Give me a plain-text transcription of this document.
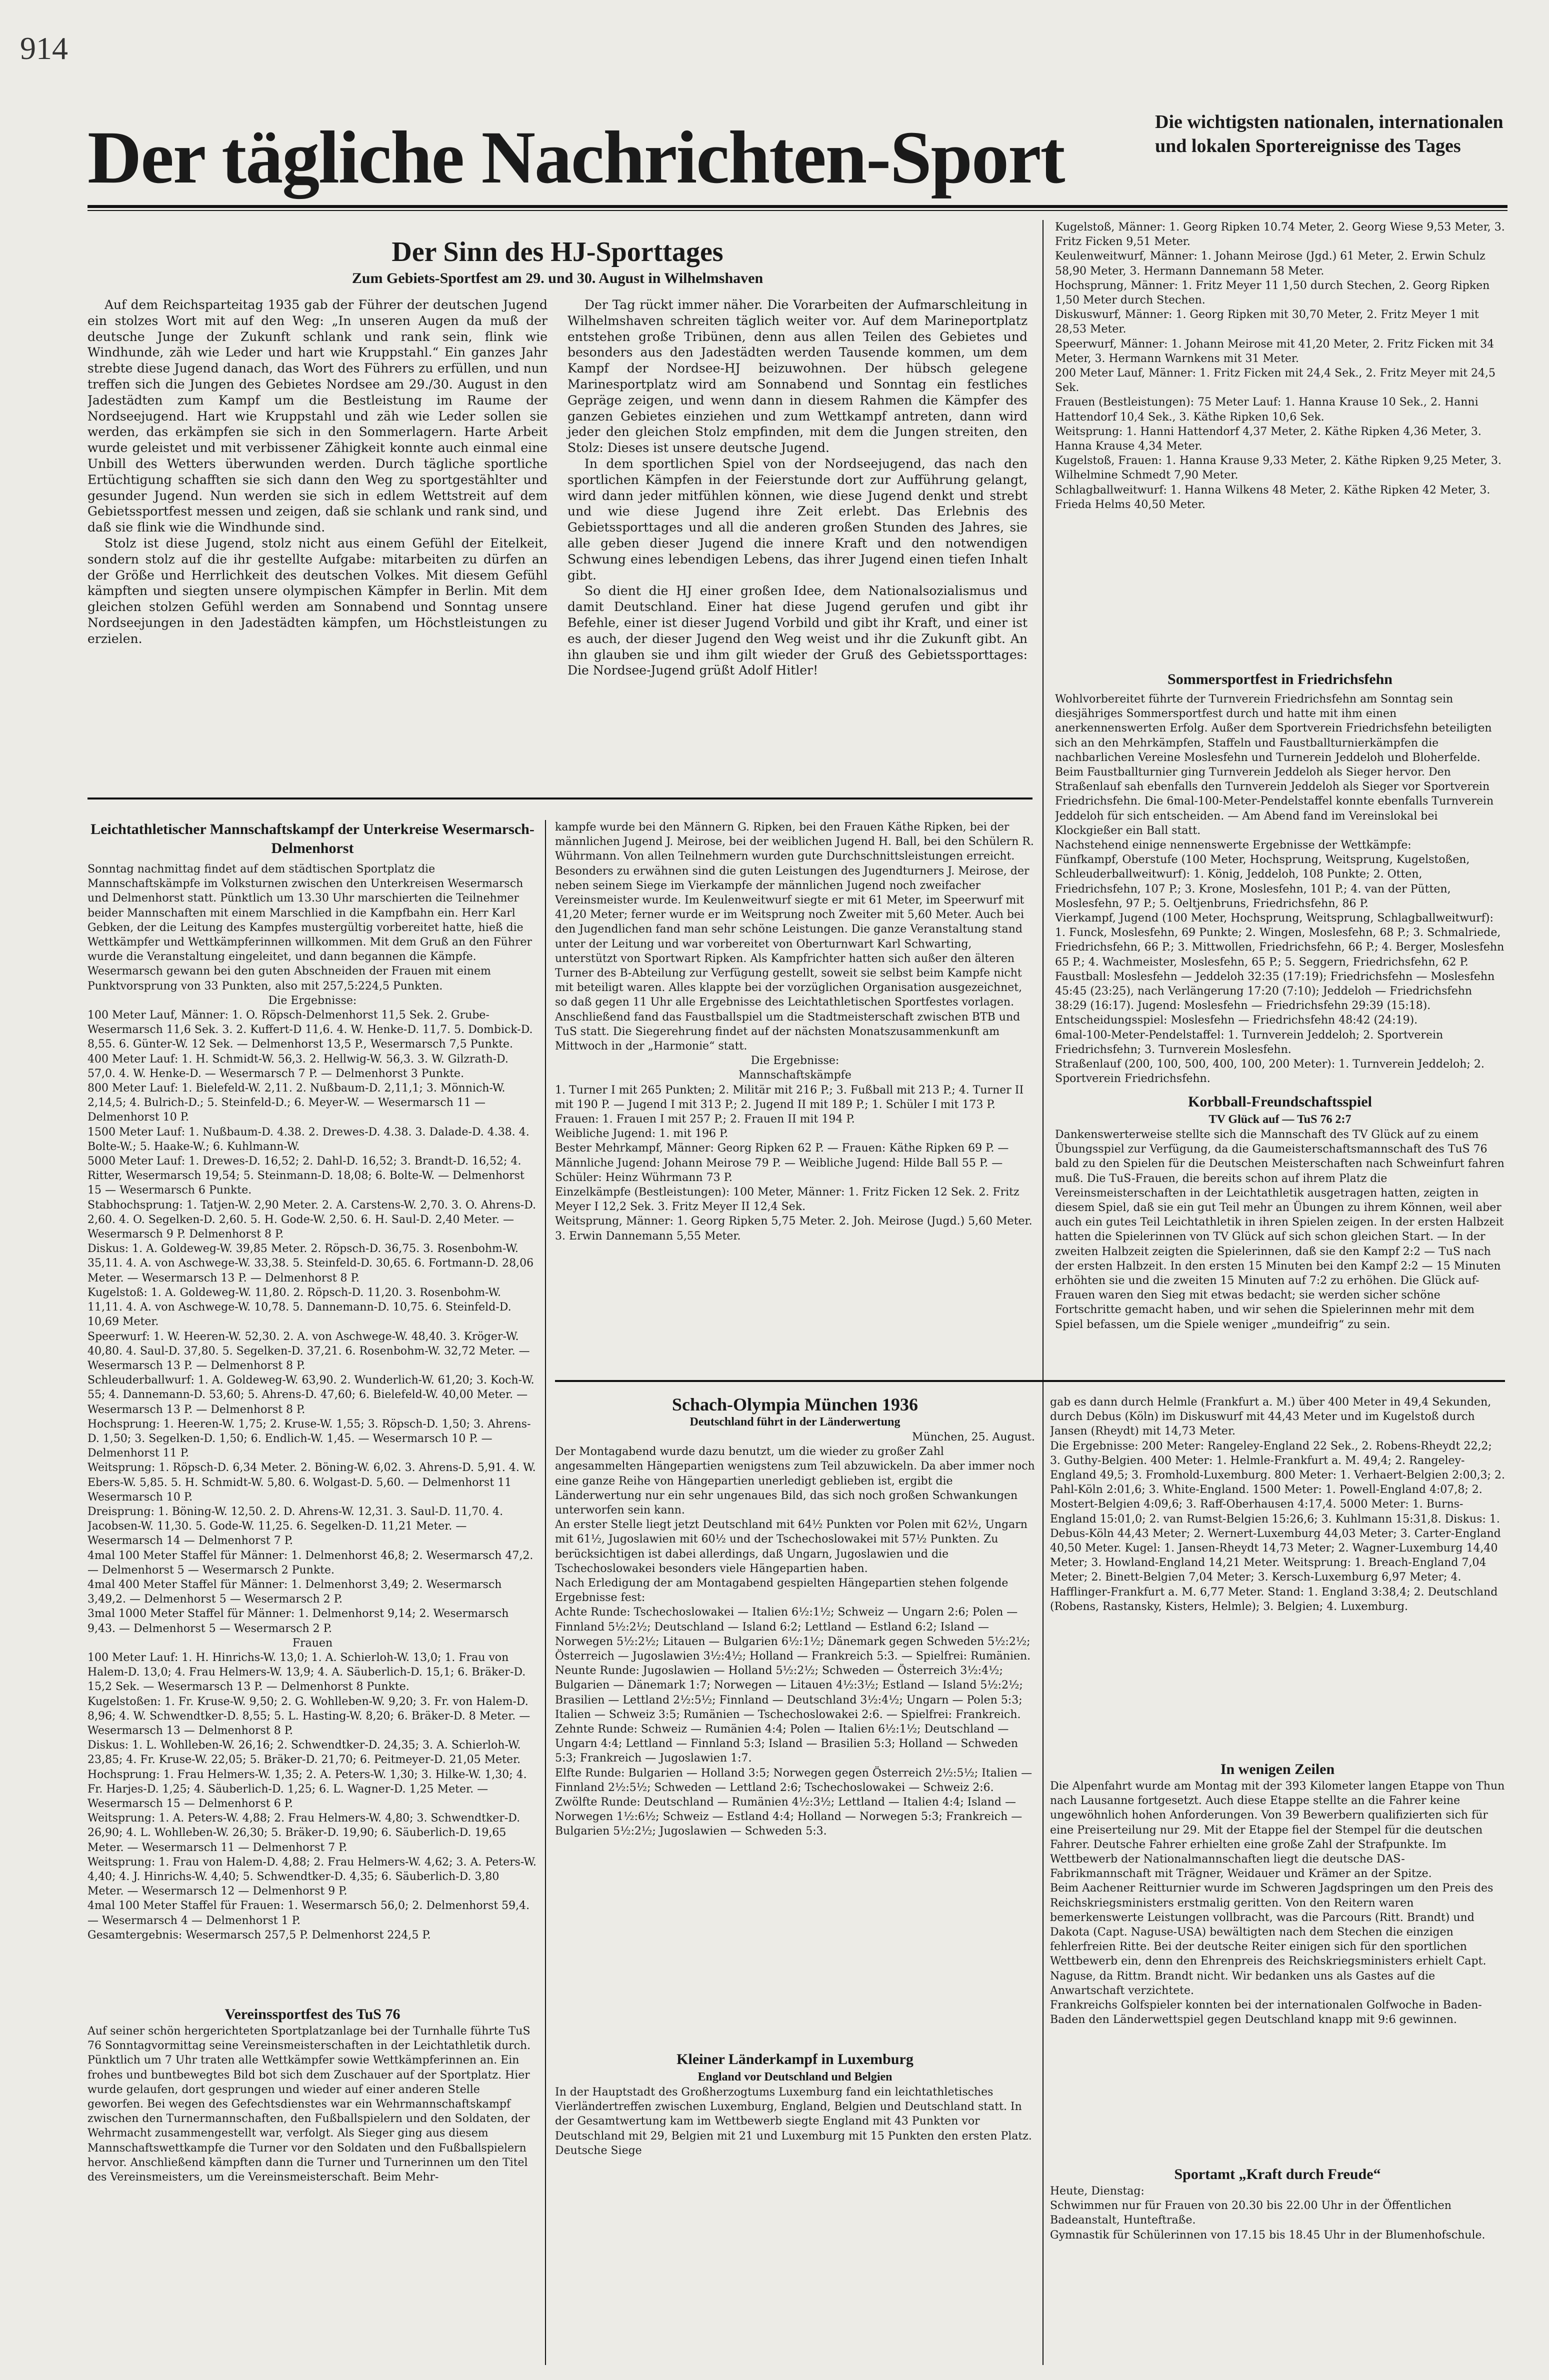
914
Der tägliche Nachrichten-Sport	Die wichtigsten nationalen, internationalen und lokalen Sportereignisse des Tages
Der Sinn des HJ-Sporttages
Zum Gebiets-Sportfest am 29. und 30. August in Wilhelmshaven

Auf dem Reichsparteitag 1935 gab der Führer der deutschen Jugend ein stolzes Wort mit auf den Weg: „In unseren Augen da muß der deutsche Junge der Zukunft schlank und rank sein, flink wie Windhunde, zäh wie Leder und hart wie Kruppstahl.“ Ein ganzes Jahr strebte diese Jugend danach, das Wort des Führers zu erfüllen, und nun treffen sich die Jungen des Gebietes Nordsee am 29./30. August in den Jadestädten zum Kampf um die Bestleistung im Raume der Nordseejugend. Hart wie Kruppstahl und zäh wie Leder sollen sie werden, das erkämpfen sie sich in den Sommerlagern. Harte Arbeit wurde geleistet und mit verbissener Zähigkeit konnte auch einmal eine Unbill des Wetters überwunden werden. Durch tägliche sportliche Ertüchtigung schafften sie sich dann den Weg zu sportgestählter und gesunder Jugend. Nun werden sie sich in edlem Wettstreit auf dem Gebietssportfest messen und zeigen, daß sie schlank und rank sind, und daß sie flink wie die Windhunde sind.

Stolz ist diese Jugend, stolz nicht aus einem Gefühl der Eitelkeit, sondern stolz auf die ihr gestellte Aufgabe: mitarbeiten zu dürfen an der Größe und Herrlichkeit des deutschen Volkes. Mit diesem Gefühl kämpften und siegten unsere olympischen Kämpfer in Berlin. Mit dem gleichen stolzen Gefühl werden am Sonnabend und Sonntag unsere Nordseejungen in den Jadestädten kämpfen, um Höchstleistungen zu erzielen.

Der Tag rückt immer näher. Die Vorarbeiten der Aufmarschleitung in Wilhelmshaven schreiten täglich weiter vor. Auf dem Marineportplatz entstehen große Tribünen, denn aus allen Teilen des Gebietes und besonders aus den Jadestädten werden Tausende kommen, um dem Kampf der Nordsee-HJ beizuwohnen. Der hübsch gelegene Marinesportplatz wird am Sonnabend und Sonntag ein festliches Gepräge zeigen, und wenn dann in diesem Rahmen die Kämpfer des ganzen Gebietes einziehen und zum Wettkampf antreten, dann wird jeder den gleichen Stolz empfinden, mit dem die Jungen streiten, den Stolz: Dieses ist unsere deutsche Jugend.

In dem sportlichen Spiel von der Nordseejugend, das nach den sportlichen Kämpfen in der Feierstunde dort zur Aufführung gelangt, wird dann jeder mitfühlen können, wie diese Jugend denkt und strebt und wie diese Jugend ihre Zeit erlebt. Das Erlebnis des Gebietssporttages und all die anderen großen Stunden des Jahres, sie alle geben dieser Jugend die innere Kraft und den notwendigen Schwung eines lebendigen Lebens, das ihrer Jugend einen tiefen Inhalt gibt.

So dient die HJ einer großen Idee, dem Nationalsozialismus und damit Deutschland. Einer hat diese Jugend gerufen und gibt ihr Befehle, einer ist dieser Jugend Vorbild und gibt ihr Kraft, und einer ist es auch, der dieser Jugend den Weg weist und ihr die Zukunft gibt. An ihn glauben sie und ihm gilt wieder der Gruß des Gebietssporttages: Die Nordsee-Jugend grüßt Adolf Hitler!

Kugelstoß, Männer: 1. Georg Ripken 10.74 Meter, 2. Georg Wiese 9,53 Meter, 3. Fritz Ficken 9,51 Meter.

Keulenweitwurf, Männer: 1. Johann Meirose (Jgd.) 61 Meter, 2. Erwin Schulz 58,90 Meter, 3. Hermann Dannemann 58 Meter.

Hochsprung, Männer: 1. Fritz Meyer 11 1,50 durch Stechen, 2. Georg Ripken 1,50 Meter durch Stechen.

Diskuswurf, Männer: 1. Georg Ripken mit 30,70 Meter, 2. Fritz Meyer 1 mit 28,53 Meter.

Speerwurf, Männer: 1. Johann Meirose mit 41,20 Meter, 2. Fritz Ficken mit 34 Meter, 3. Hermann Warnkens mit 31 Meter.

200 Meter Lauf, Männer: 1. Fritz Ficken mit 24,4 Sek., 2. Fritz Meyer mit 24,5 Sek.

Frauen (Bestleistungen): 75 Meter Lauf: 1. Hanna Krause 10 Sek., 2. Hanni Hattendorf 10,4 Sek., 3. Käthe Ripken 10,6 Sek.

Weitsprung: 1. Hanni Hattendorf 4,37 Meter, 2. Käthe Ripken 4,36 Meter, 3. Hanna Krause 4,34 Meter.

Kugelstoß, Frauen: 1. Hanna Krause 9,33 Meter, 2. Käthe Ripken 9,25 Meter, 3. Wilhelmine Schmedt 7,90 Meter.

Schlagballweitwurf: 1. Hanna Wilkens 48 Meter, 2. Käthe Ripken 42 Meter, 3. Frieda Helms 40,50 Meter.

Sommersportfest in Friedrichsfehn

Wohlvorbereitet führte der Turnverein Friedrichsfehn am Sonntag sein diesjähriges Sommersportfest durch und hatte mit ihm einen anerkennenswerten Erfolg. Außer dem Sportverein Friedrichsfehn beteiligten sich an den Mehrkämpfen, Staffeln und Faustballturnierkämpfen die nachbarlichen Vereine Moslesfehn und Turnerein Jeddeloh und Bloherfelde. Beim Faustballturnier ging Turnverein Jeddeloh als Sieger hervor. Den Straßenlauf sah ebenfalls den Turnverein Jeddeloh als Sieger vor Sportverein Friedrichsfehn. Die 6mal-100-Meter-Pendelstaffel konnte ebenfalls Turnverein Jeddeloh für sich entscheiden. — Am Abend fand im Vereinslokal bei Klockgießer ein Ball statt.

Nachstehend einige nennenswerte Ergebnisse der Wettkämpfe:

Fünfkampf, Oberstufe (100 Meter, Hochsprung, Weitsprung, Kugelstoßen, Schleuderballweitwurf): 1. König, Jeddeloh, 108 Punkte; 2. Otten, Friedrichsfehn, 107 P.; 3. Krone, Moslesfehn, 101 P.; 4. van der Pütten, Moslesfehn, 97 P.; 5. Oeltjenbruns, Friedrichsfehn, 86 P.

Vierkampf, Jugend (100 Meter, Hochsprung, Weitsprung, Schlagballweitwurf): 1. Funck, Moslesfehn, 69 Punkte; 2. Wingen, Moslesfehn, 68 P.; 3. Schmalriede, Friedrichsfehn, 66 P.; 3. Mittwollen, Friedrichsfehn, 66 P.; 4. Berger, Moslesfehn 65 P.; 4. Wachmeister, Moslesfehn, 65 P.; 5. Seggern, Friedrichsfehn, 62 P.

Faustball: Moslesfehn — Jeddeloh 32:35 (17:19); Friedrichsfehn — Moslesfehn 45:45 (23:25), nach Verlängerung 17:20 (7:10); Jeddeloh — Friedrichsfehn 38:29 (16:17). Jugend: Moslesfehn — Friedrichsfehn 29:39 (15:18). Entscheidungsspiel: Moslesfehn — Friedrichsfehn 48:42 (24:19).

6mal-100-Meter-Pendelstaffel: 1. Turnverein Jeddeloh; 2. Sportverein Friedrichsfehn; 3. Turnverein Moslesfehn.

Straßenlauf (200, 100, 500, 400, 100, 200 Meter): 1. Turnverein Jeddeloh; 2. Sportverein Friedrichsfehn.

Korbball-Freundschaftsspiel
TV Glück auf — TuS 76 2:7

Dankenswerterweise stellte sich die Mannschaft des TV Glück auf zu einem Übungsspiel zur Verfügung, da die Gaumeisterschaftsmannschaft des TuS 76 bald zu den Spielen für die Deutschen Meisterschaften nach Schweinfurt fahren muß. Die TuS-Frauen, die bereits schon auf ihrem Platz die Vereinsmeisterschaften in der Leichtathletik ausgetragen hatten, zeigten in diesem Spiel, daß sie ein gut Teil mehr an Übungen zu ihrem Können, weil aber auch ein gutes Teil Leichtathletik in ihren Spielen zeigen. In der ersten Halbzeit hatten die Spielerinnen von TV Glück auf sich schon gleichen Start. — In der zweiten Halbzeit zeigten die Spielerinnen, daß sie den Kampf 2:2 — TuS nach der ersten Halbzeit. In den ersten 15 Minuten bei den Kampf 2:2 — 15 Minuten erhöhten sie und die zweiten 15 Minuten auf 7:2 zu erhöhen. Die Glück auf-Frauen waren den Sieg mit etwas bedacht; sie werden sicher schöne Fortschritte gemacht haben, und wir sehen die Spielerinnen mehr mit dem Spiel befassen, um die Spiele weniger „mundeifrig“ zu sein.

Leichtathletischer Mannschaftskampf der Unterkreise Wesermarsch-Delmenhorst

Sonntag nachmittag findet auf dem städtischen Sportplatz die Mannschaftskämpfe im Volksturnen zwischen den Unterkreisen Wesermarsch und Delmenhorst statt. Pünktlich um 13.30 Uhr marschierten die Teilnehmer beider Mannschaften mit einem Marschlied in die Kampfbahn ein. Herr Karl Gebken, der die Leitung des Kampfes mustergültig vorbereitet hatte, hieß die Wettkämpfer und Wettkämpferinnen willkommen. Mit dem Gruß an den Führer wurde die Veranstaltung eingeleitet, und dann begannen die Kämpfe.

Wesermarsch gewann bei den guten Abschneiden der Frauen mit einem Punktvorsprung von 33 Punkten, also mit 257,5:224,5 Punkten.

Die Ergebnisse:

100 Meter Lauf, Männer: 1. O. Röpsch-Delmenhorst 11,5 Sek. 2. Grube-Wesermarsch 11,6 Sek. 3. 2. Kuffert-D 11,6. 4. W. Henke-D. 11,7. 5. Dombick-D. 8,55. 6. Günter-W. 12 Sek. — Delmenhorst 13,5 P., Wesermarsch 7,5 Punkte.

400 Meter Lauf: 1. H. Schmidt-W. 56,3. 2. Hellwig-W. 56,3. 3. W. Gilzrath-D. 57,0. 4. W. Henke-D. — Wesermarsch 7 P. — Delmenhorst 3 Punkte.

800 Meter Lauf: 1. Bielefeld-W. 2,11. 2. Nußbaum-D. 2,11,1; 3. Mönnich-W. 2,14,5; 4. Bulrich-D.; 5. Steinfeld-D.; 6. Meyer-W. — Wesermarsch 11 — Delmenhorst 10 P.

1500 Meter Lauf: 1. Nußbaum-D. 4.38. 2. Drewes-D. 4.38. 3. Dalade-D. 4.38. 4. Bolte-W.; 5. Haake-W.; 6. Kuhlmann-W.

5000 Meter Lauf: 1. Drewes-D. 16,52; 2. Dahl-D. 16,52; 3. Brandt-D. 16,52; 4. Ritter, Wesermarsch 19,54; 5. Steinmann-D. 18,08; 6. Bolte-W. — Delmenhorst 15 — Wesermarsch 6 Punkte.

Stabhochsprung: 1. Tatjen-W. 2,90 Meter. 2. A. Carstens-W. 2,70. 3. O. Ahrens-D. 2,60. 4. O. Segelken-D. 2,60. 5. H. Gode-W. 2,50. 6. H. Saul-D. 2,40 Meter. — Wesermarsch 9 P. Delmenhorst 8 P.

Diskus: 1. A. Goldeweg-W. 39,85 Meter. 2. Röpsch-D. 36,75. 3. Rosenbohm-W. 35,11. 4. A. von Aschwege-W. 33,38. 5. Steinfeld-D. 30,65. 6. Fortmann-D. 28,06 Meter. — Wesermarsch 13 P. — Delmenhorst 8 P.

Kugelstoß: 1. A. Goldeweg-W. 11,80. 2. Röpsch-D. 11,20. 3. Rosenbohm-W. 11,11. 4. A. von Aschwege-W. 10,78. 5. Dannemann-D. 10,75. 6. Steinfeld-D. 10,69 Meter.

Speerwurf: 1. W. Heeren-W. 52,30. 2. A. von Aschwege-W. 48,40. 3. Kröger-W. 40,80. 4. Saul-D. 37,80. 5. Segelken-D. 37,21. 6. Rosenbohm-W. 32,72 Meter. — Wesermarsch 13 P. — Delmenhorst 8 P.

Schleuderballwurf: 1. A. Goldeweg-W. 63,90. 2. Wunderlich-W. 61,20; 3. Koch-W. 55; 4. Dannemann-D. 53,60; 5. Ahrens-D. 47,60; 6. Bielefeld-W. 40,00 Meter. — Wesermarsch 13 P. — Delmenhorst 8 P.

Hochsprung: 1. Heeren-W. 1,75; 2. Kruse-W. 1,55; 3. Röpsch-D. 1,50; 3. Ahrens-D. 1,50; 3. Segelken-D. 1,50; 6. Endlich-W. 1,45. — Wesermarsch 10 P. — Delmenhorst 11 P.

Weitsprung: 1. Röpsch-D. 6,34 Meter. 2. Böning-W. 6,02. 3. Ahrens-D. 5,91. 4. W. Ebers-W. 5,85. 5. H. Schmidt-W. 5,80. 6. Wolgast-D. 5,60. — Delmenhorst 11 Wesermarsch 10 P.

Dreisprung: 1. Böning-W. 12,50. 2. D. Ahrens-W. 12,31. 3. Saul-D. 11,70. 4. Jacobsen-W. 11,30. 5. Gode-W. 11,25. 6. Segelken-D. 11,21 Meter. — Wesermarsch 14 — Delmenhorst 7 P.

4mal 100 Meter Staffel für Männer: 1. Delmenhorst 46,8; 2. Wesermarsch 47,2. — Delmenhorst 5 — Wesermarsch 2 Punkte.

4mal 400 Meter Staffel für Männer: 1. Delmenhorst 3,49; 2. Wesermarsch 3,49,2. — Delmenhorst 5 — Wesermarsch 2 P.

3mal 1000 Meter Staffel für Männer: 1. Delmenhorst 9,14; 2. Wesermarsch 9,43. — Delmenhorst 5 — Wesermarsch 2 P.

Frauen

100 Meter Lauf: 1. H. Hinrichs-W. 13,0; 1. A. Schierloh-W. 13,0; 1. Frau von Halem-D. 13,0; 4. Frau Helmers-W. 13,9; 4. A. Säuberlich-D. 15,1; 6. Bräker-D. 15,2 Sek. — Wesermarsch 13 P. — Delmenhorst 8 Punkte.

Kugelstoßen: 1. Fr. Kruse-W. 9,50; 2. G. Wohlleben-W. 9,20; 3. Fr. von Halem-D. 8,96; 4. W. Schwendtker-D. 8,55; 5. L. Hasting-W. 8,20; 6. Bräker-D. 8 Meter. — Wesermarsch 13 — Delmenhorst 8 P.

Diskus: 1. L. Wohlleben-W. 26,16; 2. Schwendtker-D. 24,35; 3. A. Schierloh-W. 23,85; 4. Fr. Kruse-W. 22,05; 5. Bräker-D. 21,70; 6. Peitmeyer-D. 21,05 Meter.

Hochsprung: 1. Frau Helmers-W. 1,35; 2. A. Peters-W. 1,30; 3. Hilke-W. 1,30; 4. Fr. Harjes-D. 1,25; 4. Säuberlich-D. 1,25; 6. L. Wagner-D. 1,25 Meter. — Wesermarsch 15 — Delmenhorst 6 P.

Weitsprung: 1. A. Peters-W. 4,88; 2. Frau Helmers-W. 4,80; 3. Schwendtker-D. 26,90; 4. L. Wohlleben-W. 26,30; 5. Bräker-D. 19,90; 6. Säuberlich-D. 19,65 Meter. — Wesermarsch 11 — Delmenhorst 7 P.

Weitsprung: 1. Frau von Halem-D. 4,88; 2. Frau Helmers-W. 4,62; 3. A. Peters-W. 4,40; 4. J. Hinrichs-W. 4,40; 5. Schwendtker-D. 4,35; 6. Säuberlich-D. 3,80 Meter. — Wesermarsch 12 — Delmenhorst 9 P.

4mal 100 Meter Staffel für Frauen: 1. Wesermarsch 56,0; 2. Delmenhorst 59,4. — Wesermarsch 4 — Delmenhorst 1 P.

Gesamtergebnis: Wesermarsch 257,5 P. Delmenhorst 224,5 P.

Vereinssportfest des TuS 76

Auf seiner schön hergerichteten Sportplatzanlage bei der Turnhalle führte TuS 76 Sonntagvormittag seine Vereinsmeisterschaften in der Leichtathletik durch. Pünktlich um 7 Uhr traten alle Wettkämpfer sowie Wettkämpferinnen an. Ein frohes und buntbewegtes Bild bot sich dem Zuschauer auf der Sportplatz. Hier wurde gelaufen, dort gesprungen und wieder auf einer anderen Stelle geworfen. Bei wegen des Gefechtsdienstes war ein Wehrmannschaftskampf zwischen den Turnermannschaften, den Fußballspielern und den Soldaten, der Wehrmacht zusammengestellt war, verfolgt. Als Sieger ging aus diesem Mannschaftswettkampfe die Turner vor den Soldaten und den Fußballspielern hervor. Anschließend kämpften dann die Turner und Turnerinnen um den Titel des Vereinsmeisters, um die Vereinsmeisterschaft. Beim Mehr-

kampfe wurde bei den Männern G. Ripken, bei den Frauen Käthe Ripken, bei der männlichen Jugend J. Meirose, bei der weiblichen Jugend H. Ball, bei den Schülern R. Wührmann. Von allen Teilnehmern wurden gute Durchschnittsleistungen erreicht. Besonders zu erwähnen sind die guten Leistungen des Jugendturners J. Meirose, der neben seinem Siege im Vierkampfe der männlichen Jugend noch zweifacher Vereinsmeister wurde. Im Keulenweitwurf siegte er mit 61 Meter, im Speerwurf mit 41,20 Meter; ferner wurde er im Weitsprung noch Zweiter mit 5,60 Meter. Auch bei den Jugendlichen fand man sehr schöne Leistungen. Die ganze Veranstaltung stand unter der Leitung und war vorbereitet von Oberturnwart Karl Schwarting, unterstützt von Sportwart Ripken. Als Kampfrichter hatten sich außer den älteren Turner des B-Abteilung zur Verfügung gestellt, soweit sie selbst beim Kampfe nicht mit beteiligt waren. Alles klappte bei der vorzüglichen Organisation ausgezeichnet, so daß gegen 11 Uhr alle Ergebnisse des Leichtathletischen Sportfestes vorlagen. Anschließend fand das Faustballspiel um die Stadtmeisterschaft zwischen BTB und TuS statt. Die Siegerehrung findet auf der nächsten Monatszusammenkunft am Mittwoch in der „Harmonie“ statt.

Die Ergebnisse:

Mannschaftskämpfe

1. Turner I mit 265 Punkten; 2. Militär mit 216 P.; 3. Fußball mit 213 P.; 4. Turner II mit 190 P. — Jugend I mit 313 P.; 2. Jugend II mit 189 P.; 1. Schüler I mit 173 P.

Frauen: 1. Frauen I mit 257 P.; 2. Frauen II mit 194 P.

Weibliche Jugend: 1. mit 196 P.

Bester Mehrkampf, Männer: Georg Ripken 62 P. — Frauen: Käthe Ripken 69 P. — Männliche Jugend: Johann Meirose 79 P. — Weibliche Jugend: Hilde Ball 55 P. — Schüler: Heinz Wührmann 73 P.

Einzelkämpfe (Bestleistungen): 100 Meter, Männer: 1. Fritz Ficken 12 Sek. 2. Fritz Meyer I 12,2 Sek. 3. Fritz Meyer II 12,4 Sek.

Weitsprung, Männer: 1. Georg Ripken 5,75 Meter. 2. Joh. Meirose (Jugd.) 5,60 Meter. 3. Erwin Dannemann 5,55 Meter.

Schach-Olympia München 1936
Deutschland führt in der Länderwertung

München, 25. August.

Der Montagabend wurde dazu benutzt, um die wieder zu großer Zahl angesammelten Hängepartien wenigstens zum Teil abzuwickeln. Da aber immer noch eine ganze Reihe von Hängepartien unerledigt geblieben ist, ergibt die Länderwertung nur ein sehr ungenaues Bild, das sich noch großen Schwankungen unterworfen sein kann.

An erster Stelle liegt jetzt Deutschland mit 64½ Punkten vor Polen mit 62½, Ungarn mit 61½, Jugoslawien mit 60½ und der Tschechoslowakei mit 57½ Punkten. Zu berücksichtigen ist dabei allerdings, daß Ungarn, Jugoslawien und die Tschechoslowakei besonders viele Hängepartien haben.

Nach Erledigung der am Montagabend gespielten Hängepartien stehen folgende Ergebnisse fest:

Achte Runde: Tschechoslowakei — Italien 6½:1½; Schweiz — Ungarn 2:6; Polen — Finnland 5½:2½; Deutschland — Island 6:2; Lettland — Estland 6:2; Island — Norwegen 5½:2½; Litauen — Bulgarien 6½:1½; Dänemark gegen Schweden 5½:2½; Österreich — Jugoslawien 3½:4½; Holland — Frankreich 5:3. — Spielfrei: Rumänien.

Neunte Runde: Jugoslawien — Holland 5½:2½; Schweden — Österreich 3½:4½; Bulgarien — Dänemark 1:7; Norwegen — Litauen 4½:3½; Estland — Island 5½:2½; Brasilien — Lettland 2½:5½; Finnland — Deutschland 3½:4½; Ungarn — Polen 5:3; Italien — Schweiz 3:5; Rumänien — Tschechoslowakei 2:6. — Spielfrei: Frankreich.

Zehnte Runde: Schweiz — Rumänien 4:4; Polen — Italien 6½:1½; Deutschland — Ungarn 4:4; Lettland — Finnland 5:3; Island — Brasilien 5:3; Holland — Schweden 5:3; Frankreich — Jugoslawien 1:7.

Elfte Runde: Bulgarien — Holland 3:5; Norwegen gegen Österreich 2½:5½; Italien — Finnland 2½:5½; Schweden — Lettland 2:6; Tschechoslowakei — Schweiz 2:6.

Zwölfte Runde: Deutschland — Rumänien 4½:3½; Lettland — Italien 4:4; Island — Norwegen 1½:6½; Schweiz — Estland 4:4; Holland — Norwegen 5:3; Frankreich — Bulgarien 5½:2½; Jugoslawien — Schweden 5:3.

Kleiner Länderkampf in Luxemburg
England vor Deutschland und Belgien

In der Hauptstadt des Großherzogtums Luxemburg fand ein leichtathletisches Vierländertreffen zwischen Luxemburg, England, Belgien und Deutschland statt. In der Gesamtwertung kam im Wettbewerb siegte England mit 43 Punkten vor Deutschland mit 29, Belgien mit 21 und Luxemburg mit 15 Punkten den ersten Platz. Deutsche Siege

gab es dann durch Helmle (Frankfurt a. M.) über 400 Meter in 49,4 Sekunden, durch Debus (Köln) im Diskuswurf mit 44,43 Meter und im Kugelstoß durch Jansen (Rheydt) mit 14,73 Meter.

Die Ergebnisse: 200 Meter: Rangeley-England 22 Sek., 2. Robens-Rheydt 22,2; 3. Guthy-Belgien. 400 Meter: 1. Helmle-Frankfurt a. M. 49,4; 2. Rangeley-England 49,5; 3. Fromhold-Luxemburg. 800 Meter: 1. Verhaert-Belgien 2:00,3; 2. Pahl-Köln 2:01,6; 3. White-England. 1500 Meter: 1. Powell-England 4:07,8; 2. Mostert-Belgien 4:09,6; 3. Raff-Oberhausen 4:17,4. 5000 Meter: 1. Burns-England 15:01,0; 2. van Rumst-Belgien 15:26,6; 3. Kuhlmann 15:31,8. Diskus: 1. Debus-Köln 44,43 Meter; 2. Wernert-Luxemburg 44,03 Meter; 3. Carter-England 40,50 Meter. Kugel: 1. Jansen-Rheydt 14,73 Meter; 2. Wagner-Luxemburg 14,40 Meter; 3. Howland-England 14,21 Meter. Weitsprung: 1. Breach-England 7,04 Meter; 2. Binett-Belgien 7,04 Meter; 3. Kersch-Luxemburg 6,97 Meter; 4. Hafflinger-Frankfurt a. M. 6,77 Meter. Stand: 1. England 3:38,4; 2. Deutschland (Robens, Rastansky, Kisters, Helmle); 3. Belgien; 4. Luxemburg.

In wenigen Zeilen

Die Alpenfahrt wurde am Montag mit der 393 Kilometer langen Etappe von Thun nach Lausanne fortgesetzt. Auch diese Etappe stellte an die Fahrer keine ungewöhnlich hohen Anforderungen. Von 39 Bewerbern qualifizierten sich für eine Preiserteilung nur 29. Mit der Etappe fiel der Stempel für die deutschen Fahrer. Deutsche Fahrer erhielten eine große Zahl der Strafpunkte. Im Wettbewerb der Nationalmannschaften liegt die deutsche DAS-Fabrikmannschaft mit Trägner, Weidauer und Krämer an der Spitze.

Beim Aachener Reitturnier wurde im Schweren Jagdspringen um den Preis des Reichskriegsministers erstmalig geritten. Von den Reitern waren bemerkenswerte Leistungen vollbracht, was die Parcours (Ritt. Brandt) und Dakota (Capt. Naguse-USA) bewältigten nach dem Stechen die einzigen fehlerfreien Ritte. Bei der deutsche Reiter einigen sich für den sportlichen Wettbewerb ein, denn den Ehrenpreis des Reichskriegsministers erhielt Capt. Naguse, da Rittm. Brandt nicht. Wir bedanken uns als Gastes auf die Anwartschaft verzichtete.

Frankreichs Golfspieler konnten bei der internationalen Golfwoche in Baden-Baden den Länderwettspiel gegen Deutschland knapp mit 9:6 gewinnen.

Sportamt „Kraft durch Freude“

Heute, Dienstag:

Schwimmen nur für Frauen von 20.30 bis 22.00 Uhr in der Öffentlichen Badeanstalt, Hunteftraße.

Gymnastik für Schülerinnen von 17.15 bis 18.45 Uhr in der Blumenhofschule.
